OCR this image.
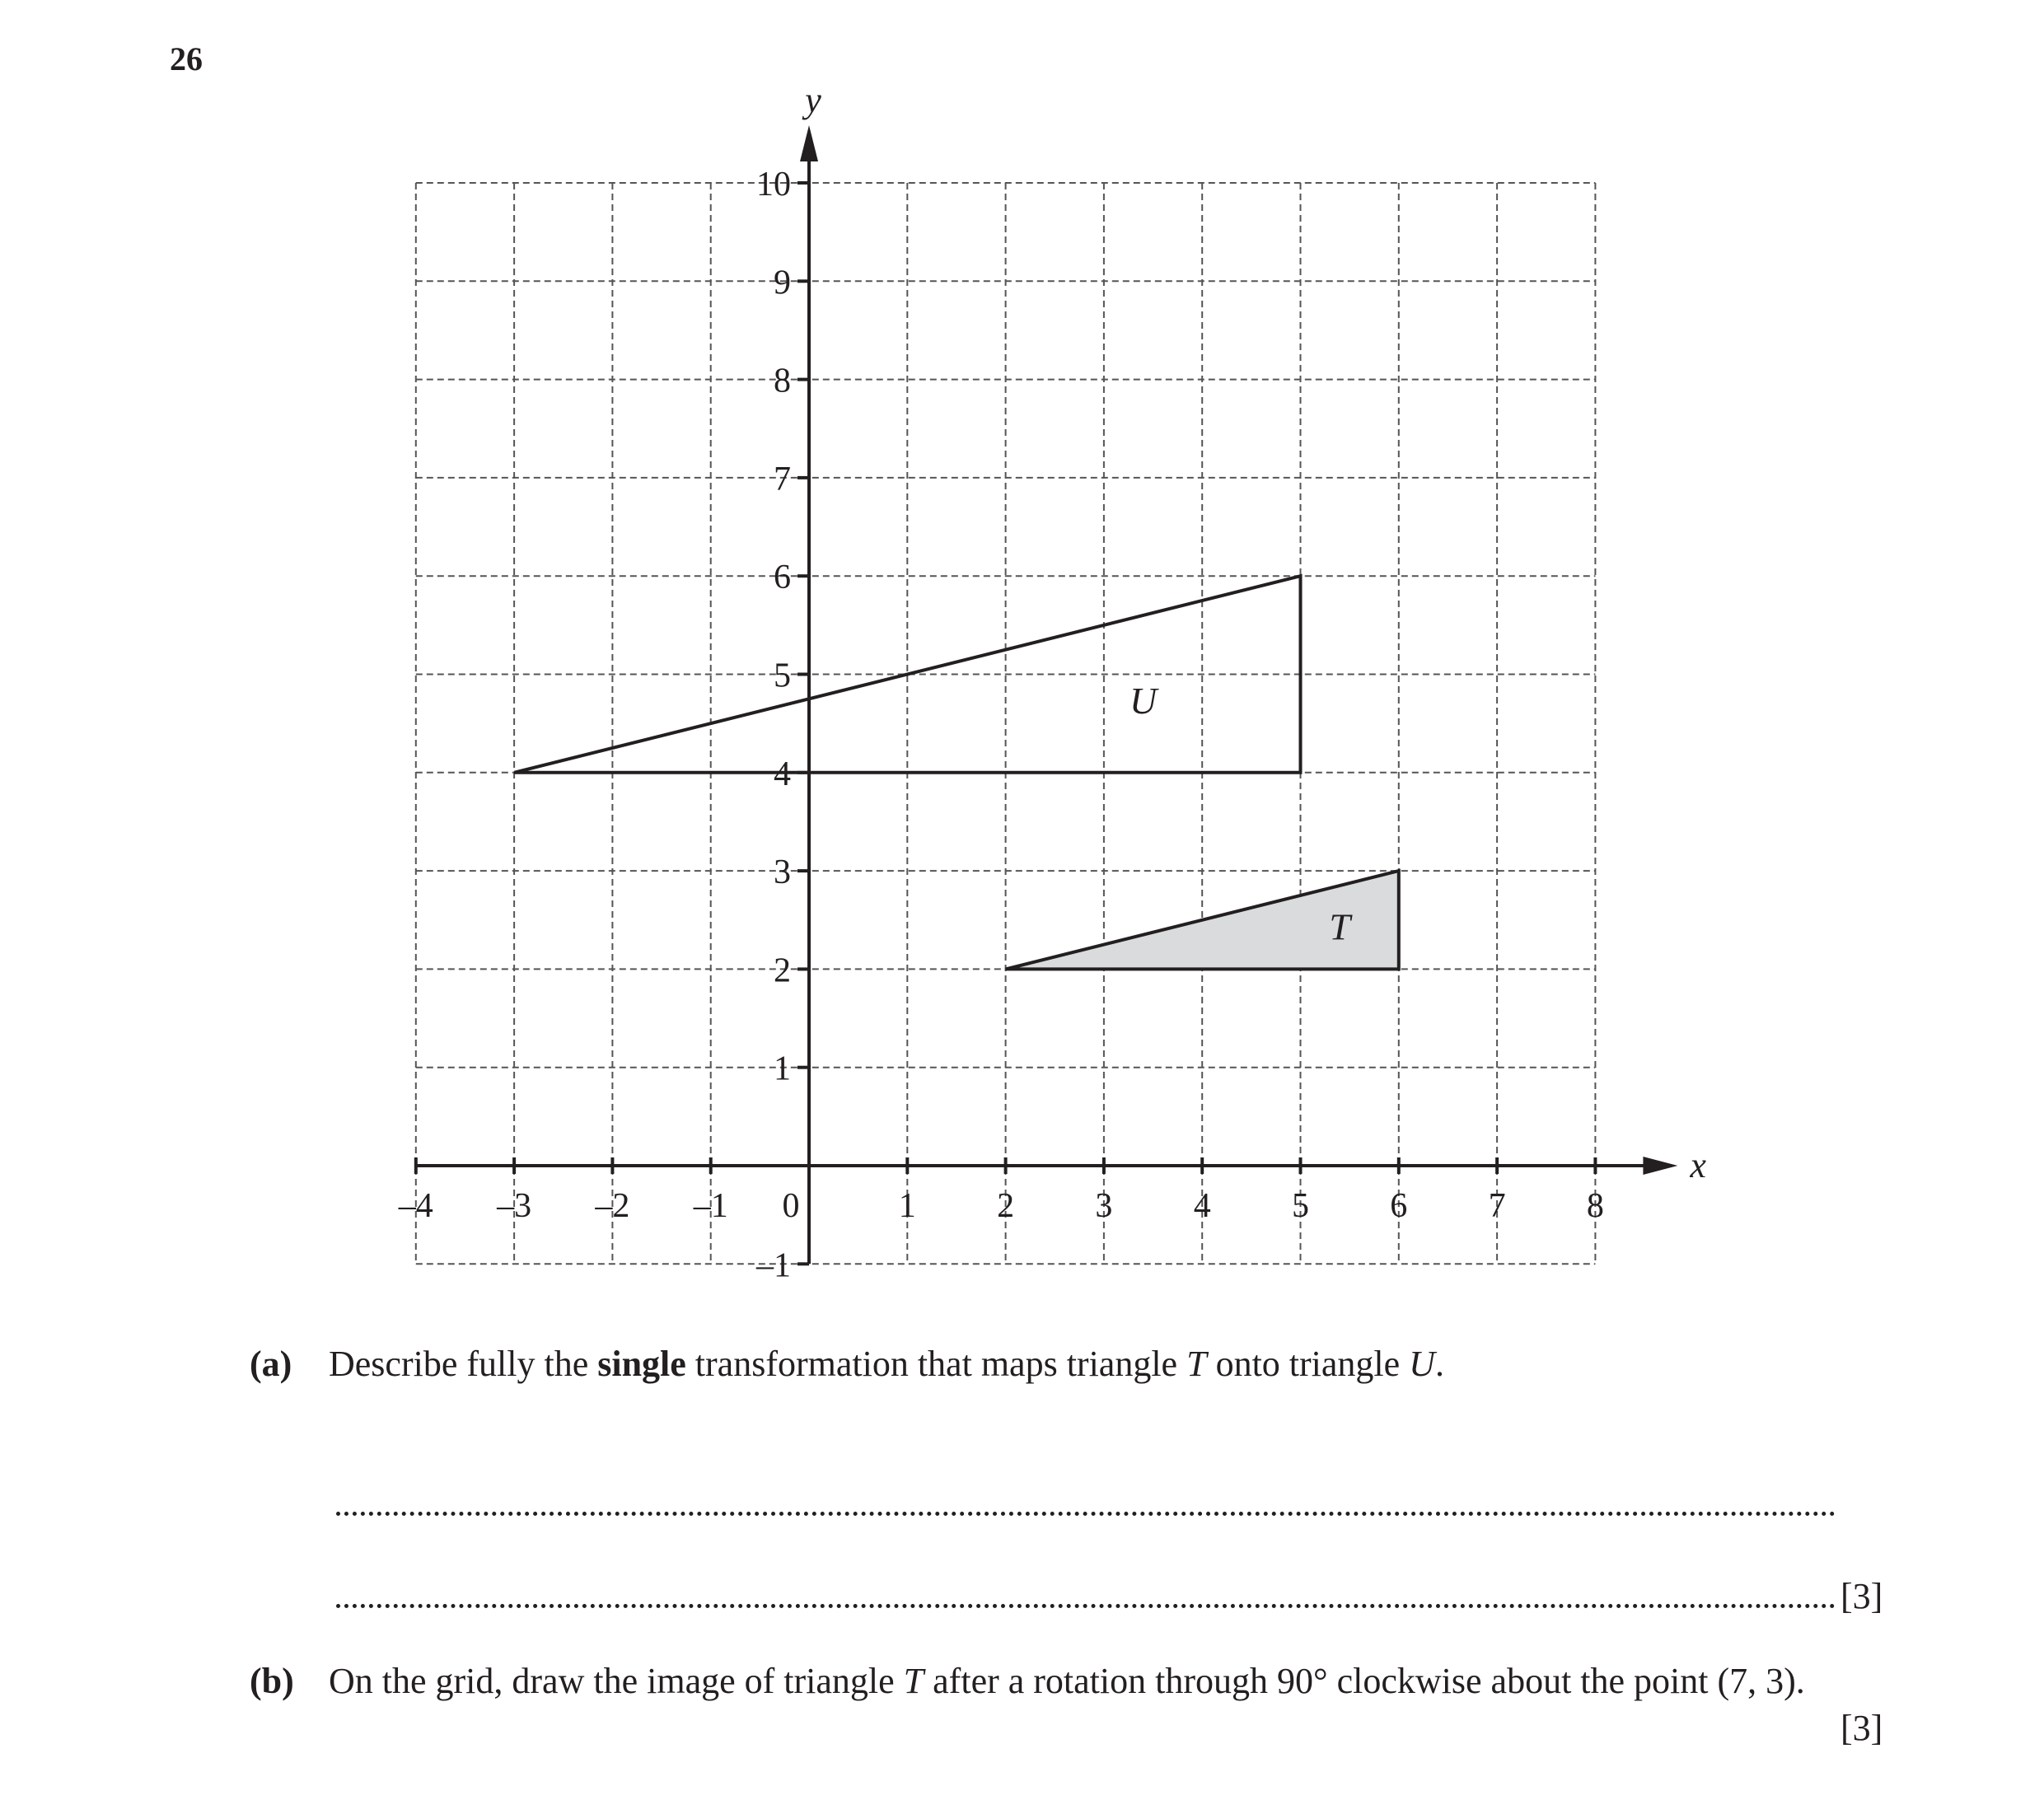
26
U
T
–4 –3 –2 –1 0	1 2 3 4 5 6 7 8
–1
1
2
3
4
5
6
7
8
9
10
x
y
(a) Describe fully the single transformation that maps triangle T onto triangle U.
[3]
(b) On the grid, draw the image of triangle T after a rotation through 90° clockwise about the point (7, 3).
[3]
